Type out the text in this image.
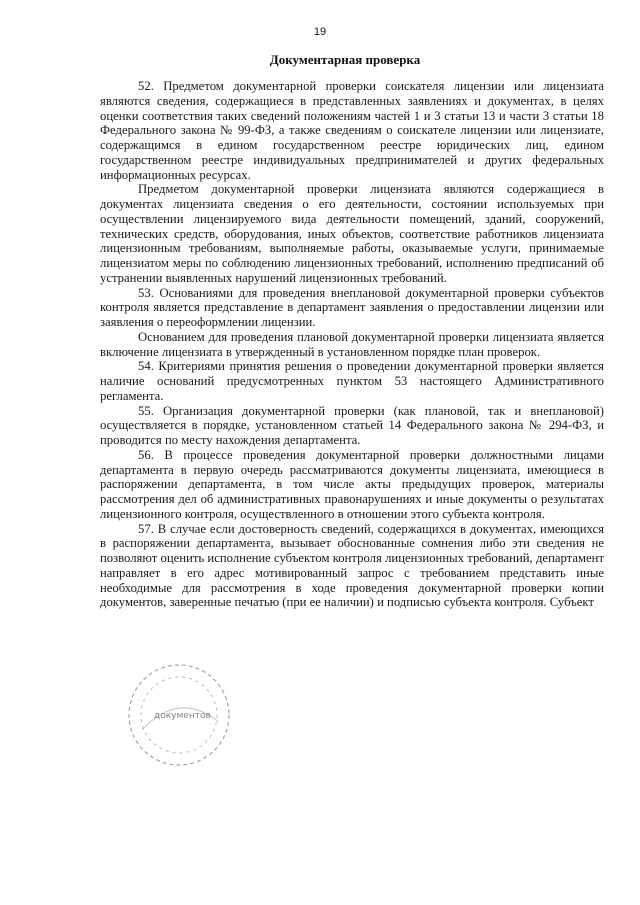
19
Документарная проверка

52. Предметом документарной проверки соискателя лицензии или лицензиата являются сведения, содержащиеся в представленных заявлениях и документах, в целях оценки соответствия таких сведений положениям частей 1 и 3 статьи 13 и части 3 статьи 18 Федерального закона № 99-ФЗ, а также сведениям о соискателе лицензии или лицензиате, содержащимся в едином государственном реестре юридических лиц, едином государственном реестре индивидуальных предпринимателей и других федеральных информационных ресурсах.

Предметом документарной проверки лицензиата являются содержащиеся в документах лицензиата сведения о его деятельности, состоянии используемых при осуществлении лицензируемого вида деятельности помещений, зданий, сооружений, технических средств, оборудования, иных объектов, соответствие работников лицензиата лицензионным требованиям, выполняемые работы, оказываемые услуги, принимаемые лицензиатом меры по соблюдению лицензионных требований, исполнению предписаний об устранении выявленных нарушений лицензионных требований.

53. Основаниями для проведения внеплановой документарной проверки субъектов контроля является представление в департамент заявления о предоставлении лицензии или заявления о переоформлении лицензии.

Основанием для проведения плановой документарной проверки лицензиата является включение лицензиата в утвержденный в установленном порядке план проверок.

54. Критериями принятия решения о проведении документарной проверки является наличие оснований предусмотренных пунктом 53 настоящего Административного регламента.

55. Организация документарной проверки (как плановой, так и внеплановой) осуществляется в порядке, установленном статьей 14 Федерального закона № 294-ФЗ, и проводится по месту нахождения департамента.

56. В процессе проведения документарной проверки должностными лицами департамента в первую очередь рассматриваются документы лицензиата, имеющиеся в распоряжении департамента, в том числе акты предыдущих проверок, материалы рассмотрения дел об административных правонарушениях и иные документы о результатах лицензионного контроля, осуществленного в отношении этого субъекта контроля.

57. В случае если достоверность сведений, содержащихся в документах, имеющихся в распоряжении департамента, вызывает обоснованные сомнения либо эти сведения не позволяют оценить исполнение субъектом контроля лицензионных требований, департамент направляет в его адрес мотивированный запрос с требованием представить иные необходимые для рассмотрения в ходе проведения документарной проверки копии документов, заверенные печатью (при ее наличии) и подписью субъекта контроля. Субъект

документов
